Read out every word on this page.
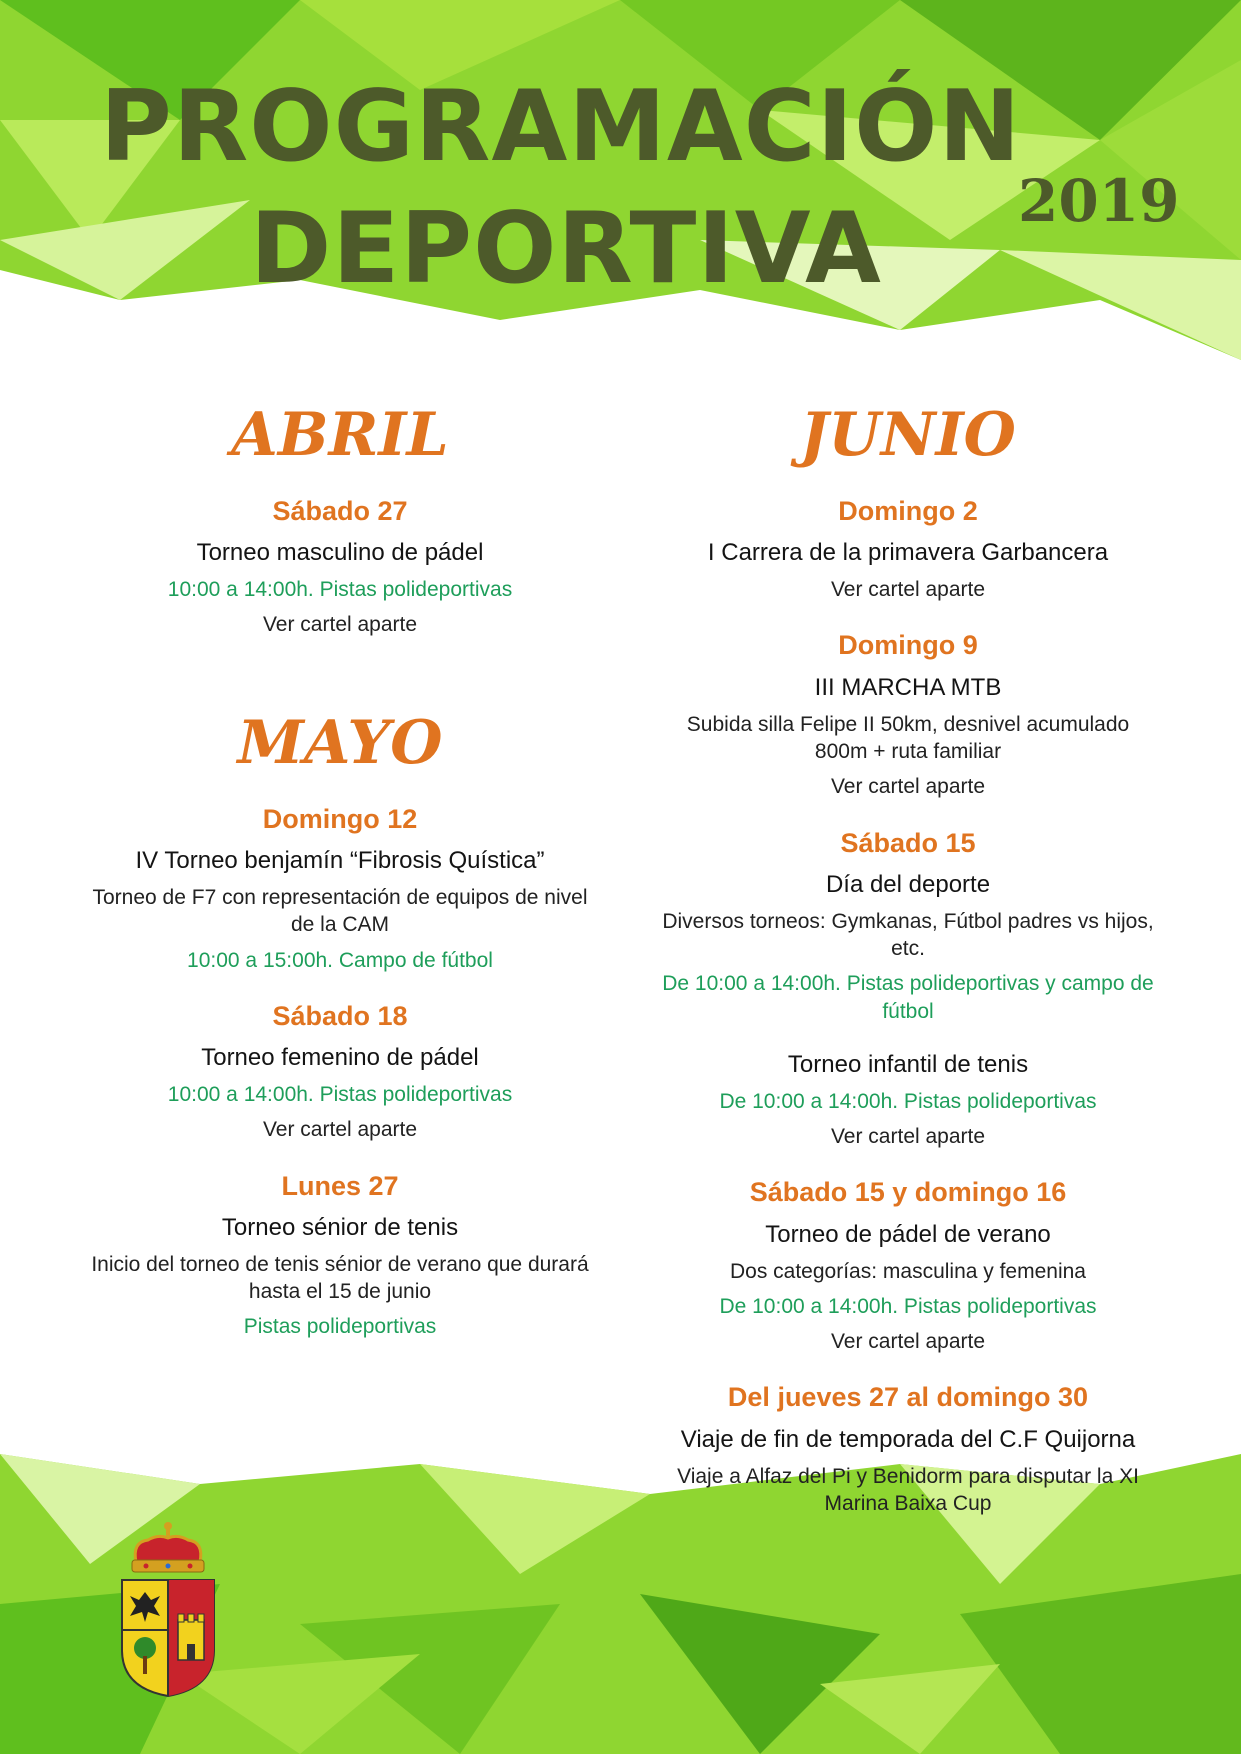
PROGRAMACIÓN
DEPORTIVA 2019
ABRIL
Sábado 27
Torneo masculino de pádel
10:00 a 14:00h. Pistas polideportivas
Ver cartel aparte
MAYO
Domingo 12
IV Torneo benjamín “Fibrosis Quística”
Torneo de F7 con representación de equipos de nivel de la CAM
10:00 a 15:00h. Campo de fútbol
Sábado 18
Torneo femenino de pádel
10:00 a 14:00h. Pistas polideportivas
Ver cartel aparte
Lunes 27
Torneo sénior de tenis
Inicio del torneo de tenis sénior de verano que durará hasta el 15 de junio
Pistas polideportivas
JUNIO
Domingo 2
I Carrera de la primavera Garbancera
Ver cartel aparte
Domingo 9
III MARCHA MTB
Subida silla Felipe II 50km, desnivel acumulado 800m + ruta familiar
Ver cartel aparte
Sábado 15
Día del deporte
Diversos torneos: Gymkanas, Fútbol padres vs hijos, etc.
De 10:00 a 14:00h. Pistas polideportivas y campo de fútbol
Torneo infantil de tenis
De 10:00 a 14:00h. Pistas polideportivas
Ver cartel aparte
Sábado 15 y domingo 16
Torneo de pádel de verano
Dos categorías: masculina y femenina
De 10:00 a 14:00h. Pistas polideportivas
Ver cartel aparte
Del jueves 27 al domingo 30
Viaje de fin de temporada del C.F Quijorna
Viaje a Alfaz del Pi y Benidorm para disputar la XI Marina Baixa Cup
